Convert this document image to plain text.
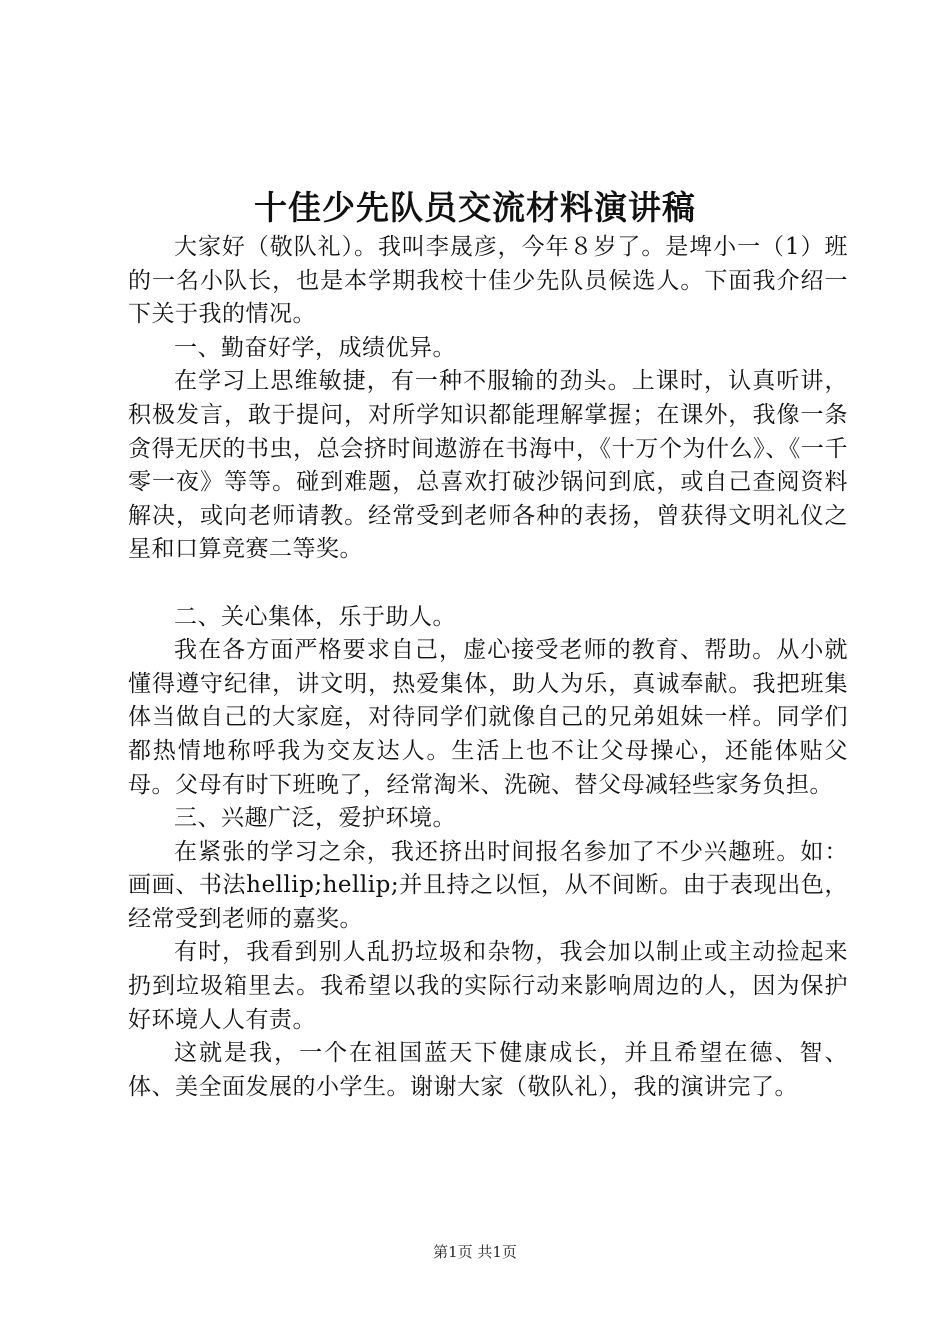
十佳少先队员交流材料演讲稿

大家好（敬队礼）。我叫李晟彦，今年８岁了。是埤小一（1）班的一名小队长，也是本学期我校十佳少先队员候选人。下面我介绍一下关于我的情况。

一、勤奋好学，成绩优异。

在学习上思维敏捷，有一种不服输的劲头。上课时，认真听讲，积极发言，敢于提问，对所学知识都能理解掌握；在课外，我像一条贪得无厌的书虫，总会挤时间遨游在书海中，《十万个为什么》、《一千零一夜》等等。碰到难题，总喜欢打破沙锅问到底，或自己查阅资料解决，或向老师请教。经常受到老师各种的表扬，曾获得文明礼仪之星和口算竞赛二等奖。

二、关心集体，乐于助人。

我在各方面严格要求自己，虚心接受老师的教育、帮助。从小就懂得遵守纪律，讲文明，热爱集体，助人为乐，真诚奉献。我把班集体当做自己的大家庭，对待同学们就像自己的兄弟姐妹一样。同学们都热情地称呼我为交友达人。生活上也不让父母操心，还能体贴父母。父母有时下班晚了，经常淘米、洗碗、替父母减轻些家务负担。

三、兴趣广泛，爱护环境。

在紧张的学习之余，我还挤出时间报名参加了不少兴趣班。如：画画、书法hellip;hellip;并且持之以恒，从不间断。由于表现出色，经常受到老师的嘉奖。

有时，我看到别人乱扔垃圾和杂物，我会加以制止或主动捡起来扔到垃圾箱里去。我希望以我的实际行动来影响周边的人，因为保护好环境人人有责。

这就是我，一个在祖国蓝天下健康成长，并且希望在德、智、体、美全面发展的小学生。谢谢大家（敬队礼），我的演讲完了。

第1页 共1页
